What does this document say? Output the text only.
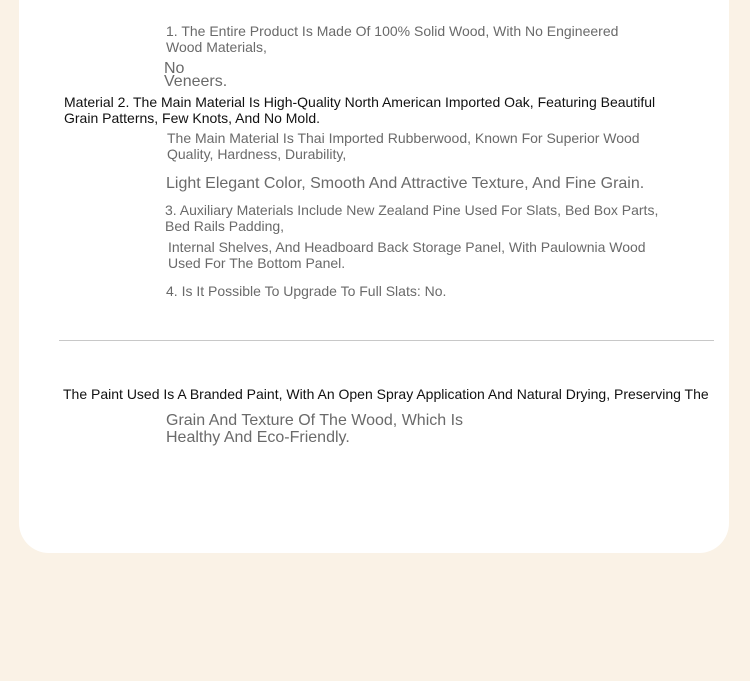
1. The Entire Product Is Made Of 100% Solid Wood, With No Engineered Wood Materials,

No

Veneers.

Material 2. The Main Material Is High-Quality North American Imported Oak, Featuring Beautiful Grain Patterns, Few Knots, And No Mold.

The Main Material Is Thai Imported Rubberwood, Known For Superior Wood Quality, Hardness, Durability,

Light Elegant Color, Smooth And Attractive Texture, And Fine Grain.

3. Auxiliary Materials Include New Zealand Pine Used For Slats, Bed Box Parts, Bed Rails Padding,

Internal Shelves, And Headboard Back Storage Panel, With Paulownia Wood Used For The Bottom Panel.

4. Is It Possible To Upgrade To Full Slats: No.

The Paint Used Is A Branded Paint, With An Open Spray Application And Natural Drying, Preserving The

Grain And Texture Of The Wood, Which Is Healthy And Eco-Friendly.
